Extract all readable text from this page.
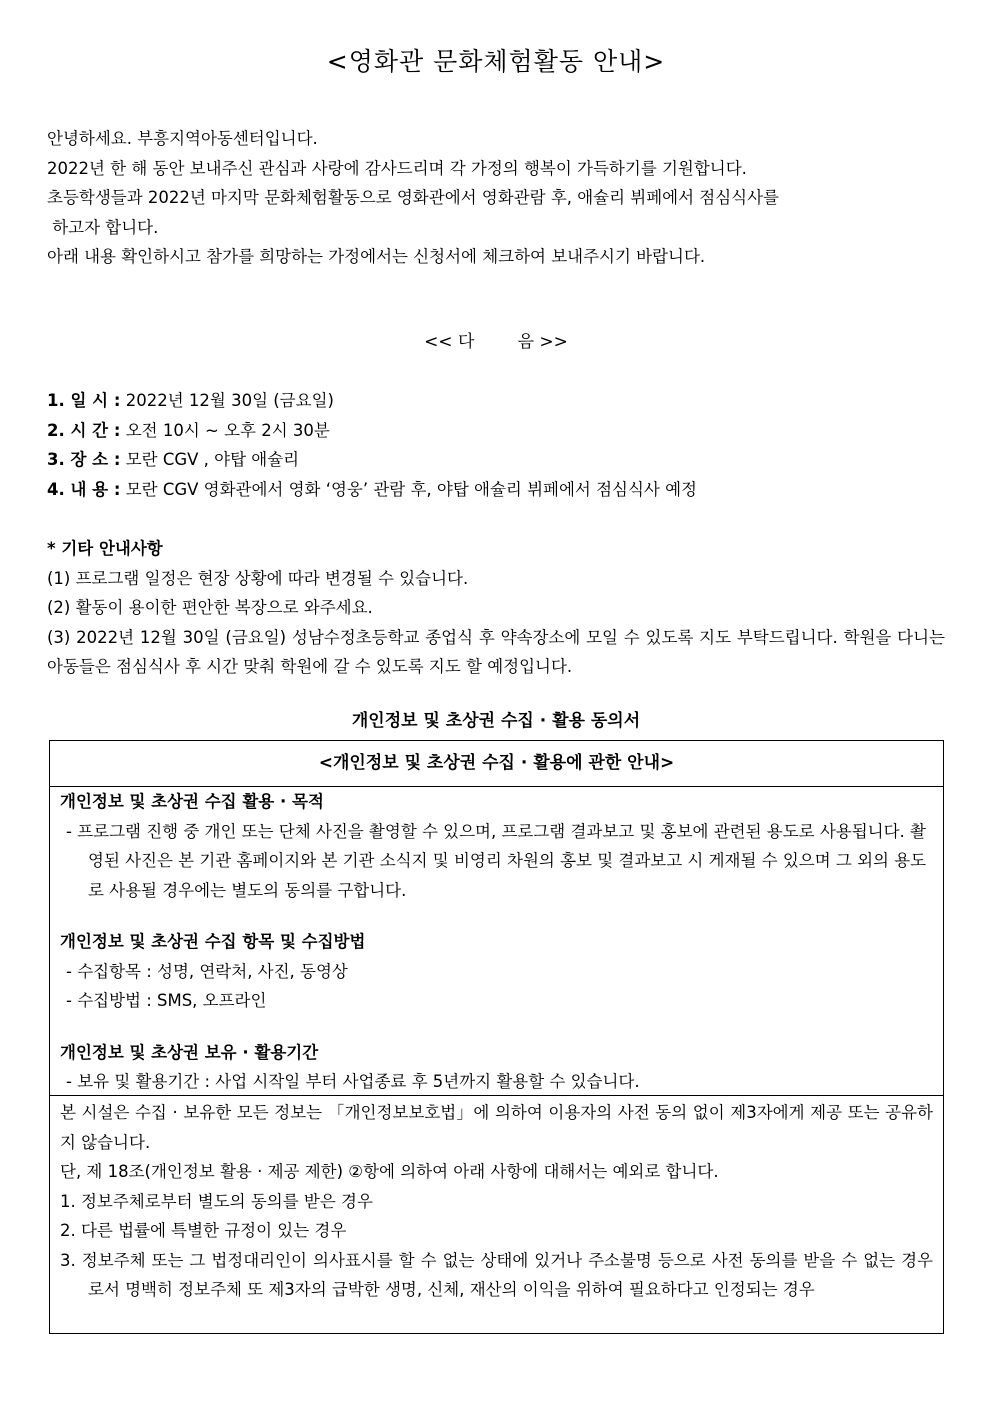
<영화관 문화체험활동 안내>
안녕하세요. 부흥지역아동센터입니다.
2022년 한 해 동안 보내주신 관심과 사랑에 감사드리며 각 가정의 행복이 가득하기를 기원합니다.
초등학생들과 2022년 마지막 문화체험활동으로 영화관에서 영화관람 후, 애슐리 뷔페에서 점심식사를
하고자 합니다.
아래 내용 확인하시고 참가를 희망하는 가정에서는 신청서에 체크하여 보내주시기 바랍니다.
<< 다        음 >>
1. 일 시 : 2022년 12월 30일 (금요일)
2. 시 간 : 오전 10시 ~ 오후 2시 30분
3. 장 소 : 모란 CGV , 야탑 애슐리
4. 내 용 : 모란 CGV 영화관에서 영화 ‘영웅’ 관람 후, 야탑 애슐리 뷔페에서 점심식사 예정
* 기타 안내사항
(1) 프로그램 일정은 현장 상황에 따라 변경될 수 있습니다.
(2) 활동이 용이한 편안한 복장으로 와주세요.
(3) 2022년 12월 30일 (금요일) 성남수정초등학교 종업식 후 약속장소에 모일 수 있도록 지도 부탁드립니다. 학원을 다니는 아동들은 점심식사 후 시간 맞춰 학원에 갈 수 있도록 지도 할 예정입니다.
개인정보 및 초상권 수집 · 활용 동의서
<개인정보 및 초상권 수집 · 활용에 관한 안내>
개인정보 및 초상권 수집 활용 · 목적
- 프로그램 진행 중 개인 또는 단체 사진을 촬영할 수 있으며, 프로그램 결과보고 및 홍보에 관련된 용도로 사용됩니다. 촬영된 사진은 본 기관 홈페이지와 본 기관 소식지 및 비영리 차원의 홍보 및 결과보고 시 게재될 수 있으며 그 외의 용도로 사용될 경우에는 별도의 동의를 구합니다.
개인정보 및 초상권 수집 항목 및 수집방법
- 수집항목 : 성명, 연락처, 사진, 동영상
- 수집방법 : SMS, 오프라인
개인정보 및 초상권 보유 · 활용기간
- 보유 및 활용기간 : 사업 시작일 부터 사업종료 후 5년까지 활용할 수 있습니다.
본 시설은 수집 · 보유한 모든 정보는 「개인정보보호법」에 의하여 이용자의 사전 동의 없이 제3자에게 제공 또는 공유하지 않습니다.
단, 제 18조(개인정보 활용 · 제공 제한) ②항에 의하여 아래 사항에 대해서는 예외로 합니다.
1. 정보주체로부터 별도의 동의를 받은 경우
2. 다른 법률에 특별한 규정이 있는 경우
3. 정보주체 또는 그 법정대리인이 의사표시를 할 수 없는 상태에 있거나 주소불명 등으로 사전 동의를 받을 수 없는 경우로서 명백히 정보주체 또 제3자의 급박한 생명, 신체, 재산의 이익을 위하여 필요하다고 인정되는 경우
